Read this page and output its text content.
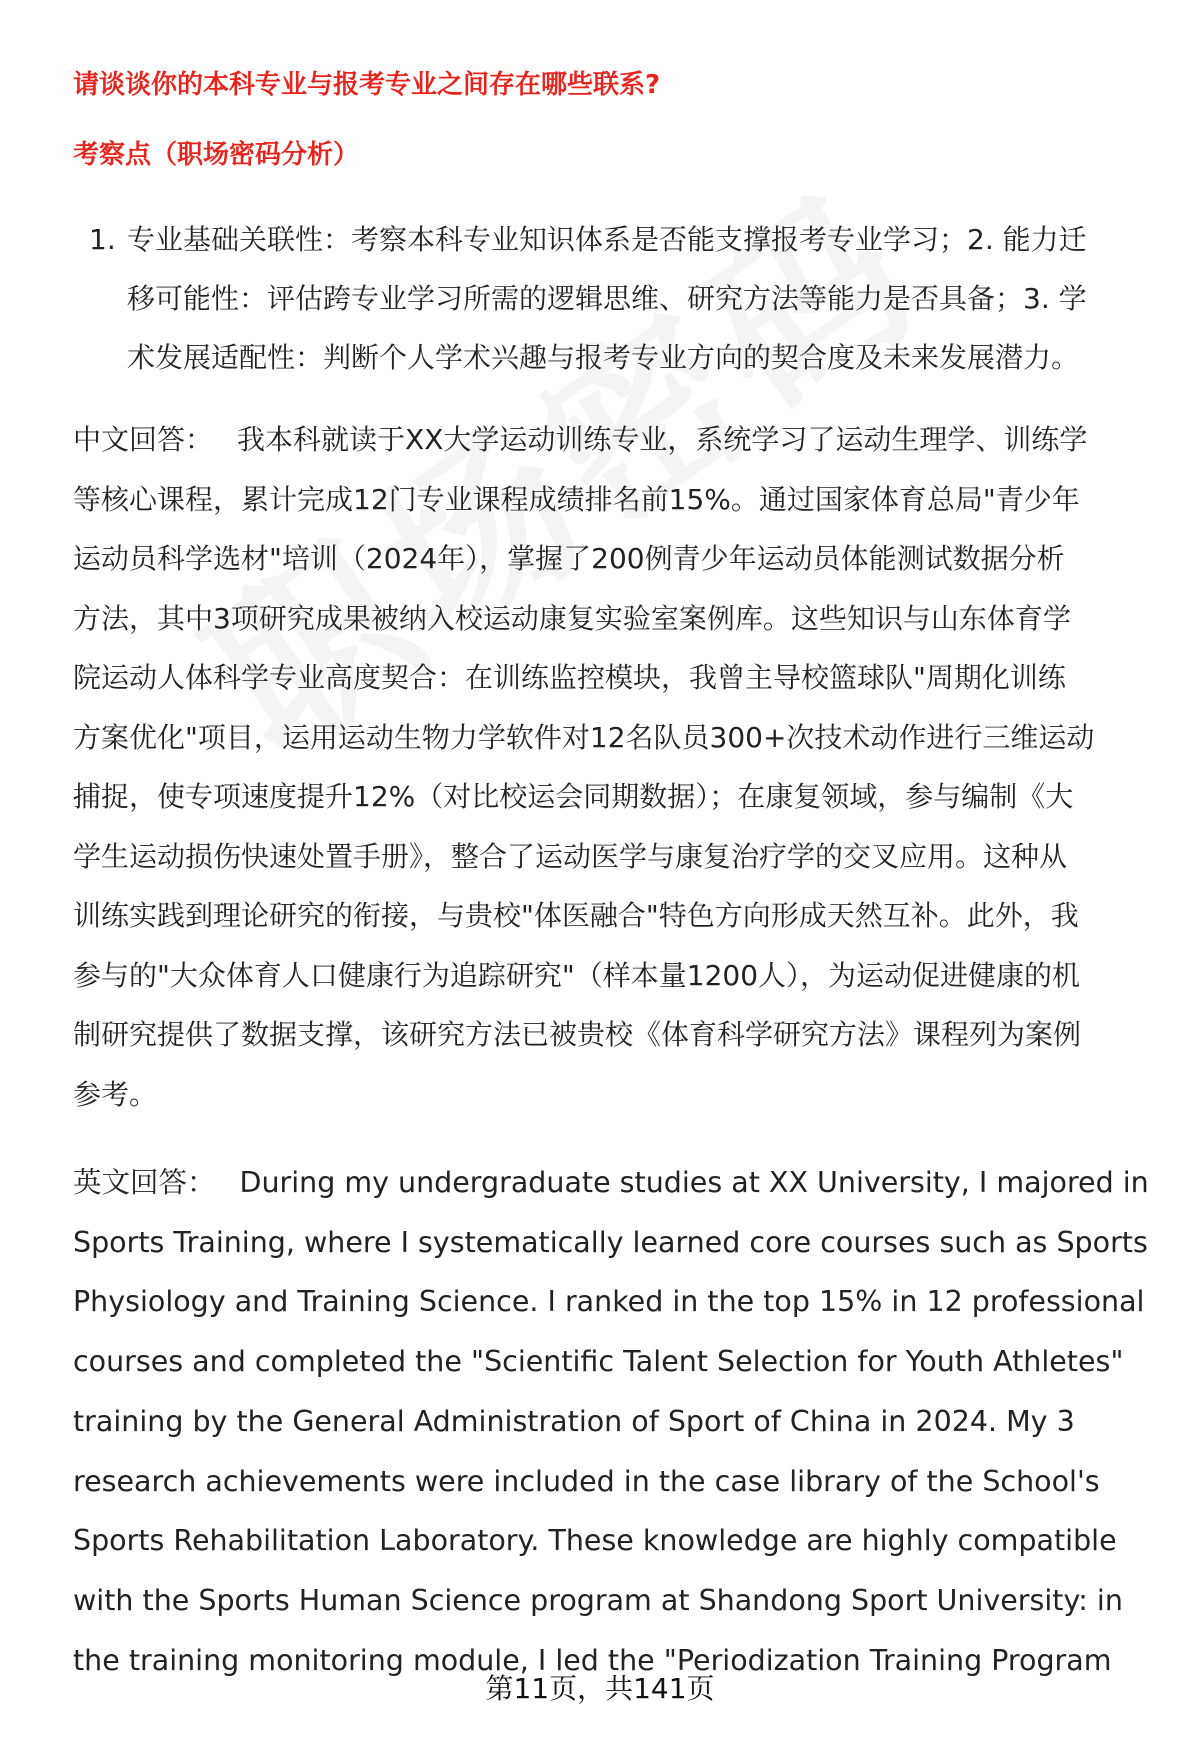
请谈谈你的本科专业与报考专业之间存在哪些联系?
考察点（职场密码分析）
1. 专业基础关联性：考察本科专业知识体系是否能支撑报考专业学习；2. 能力迁
移可能性：评估跨专业学习所需的逻辑思维、研究方法等能力是否具备；3. 学
术发展适配性：判断个人学术兴趣与报考专业方向的契合度及未来发展潜力。
中文回答： 我本科就读于XX大学运动训练专业，系统学习了运动生理学、训练学
等核心课程，累计完成12门专业课程成绩排名前15%。通过国家体育总局"青少年
运动员科学选材"培训（2024年），掌握了200例青少年运动员体能测试数据分析
方法，其中3项研究成果被纳入校运动康复实验室案例库。这些知识与山东体育学
院运动人体科学专业高度契合：在训练监控模块，我曾主导校篮球队"周期化训练
方案优化"项目，运用运动生物力学软件对12名队员300+次技术动作进行三维运动
捕捉，使专项速度提升12%（对比校运会同期数据）；在康复领域，参与编制《大
学生运动损伤快速处置手册》，整合了运动医学与康复治疗学的交叉应用。这种从
训练实践到理论研究的衔接，与贵校"体医融合"特色方向形成天然互补。此外，我
参与的"大众体育人口健康行为追踪研究"（样本量1200人），为运动促进健康的机
制研究提供了数据支撑，该研究方法已被贵校《体育科学研究方法》课程列为案例
参考。
英文回答： During my undergraduate studies at XX University, I majored in
Sports Training, where I systematically learned core courses such as Sports
Physiology and Training Science. I ranked in the top 15% in 12 professional
courses and completed the "Scientific Talent Selection for Youth Athletes"
training by the General Administration of Sport of China in 2024. My 3
research achievements were included in the case library of the School's
Sports Rehabilitation Laboratory. These knowledge are highly compatible
with the Sports Human Science program at Shandong Sport University: in
the training monitoring module, I led the "Periodization Training Program
第11页，共141页
